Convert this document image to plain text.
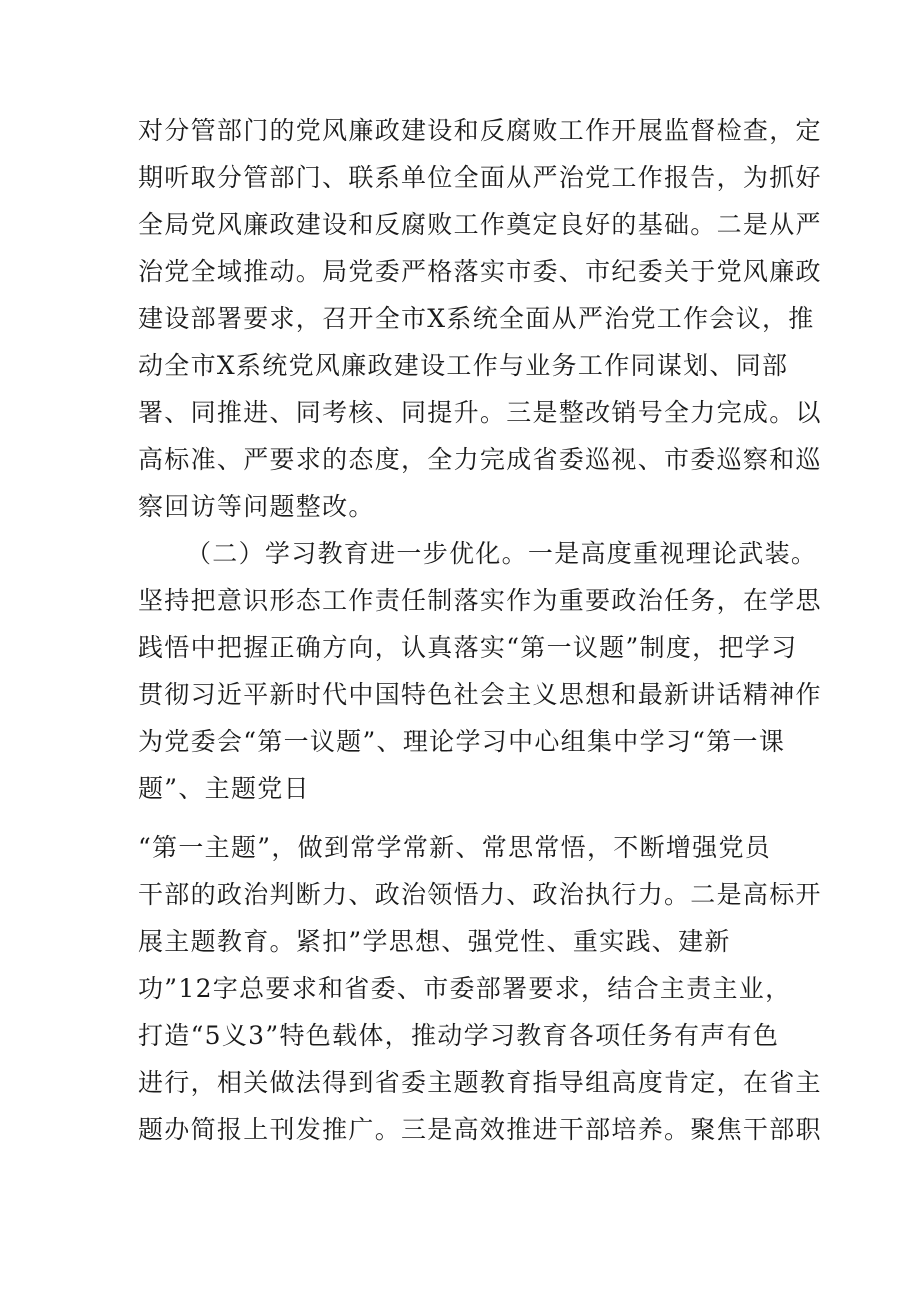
对分管部门的党风廉政建设和反腐败工作开展监督检查，定
期听取分管部门、联系单位全面从严治党工作报告，为抓好
全局党风廉政建设和反腐败工作奠定良好的基础。二是从严
治党全域推动。局党委严格落实市委、市纪委关于党风廉政
建设部署要求，召开全市X系统全面从严治党工作会议，推
动全市X系统党风廉政建设工作与业务工作同谋划、同部
署、同推进、同考核、同提升。三是整改销号全力完成。以
高标准、严要求的态度，全力完成省委巡视、市委巡察和巡
察回访等问题整改。
（二）学习教育进一步优化。一是高度重视理论武装。
坚持把意识形态工作责任制落实作为重要政治任务，在学思
践悟中把握正确方向，认真落实“第一议题”制度，把学习
贯彻习近平新时代中国特色社会主义思想和最新讲话精神作
为党委会“第一议题”、理论学习中心组集中学习“第一课
题”、主题党日
“第一主题”，做到常学常新、常思常悟，不断增强党员
干部的政治判断力、政治领悟力、政治执行力。二是高标开
展主题教育。紧扣”学思想、强党性、重实践、建新
功”12字总要求和省委、市委部署要求，结合主责主业，
打造“5义3”特色载体，推动学习教育各项任务有声有色
进行，相关做法得到省委主题教育指导组高度肯定，在省主
题办简报上刊发推广。三是高效推进干部培养。聚焦干部职
